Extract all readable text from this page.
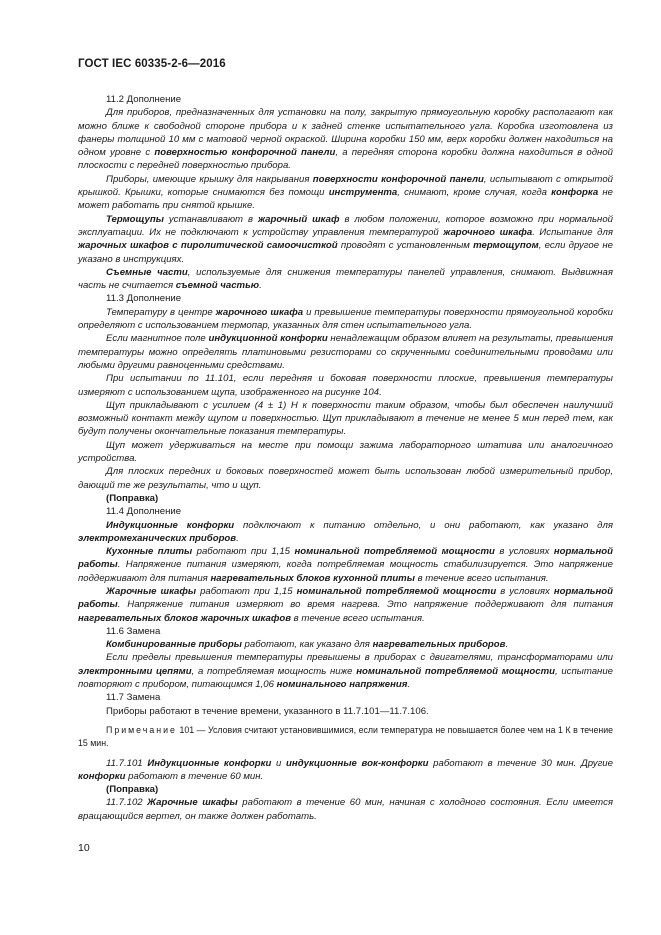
ГОСТ IEC 60335-2-6—2016

11.2 Дополнение

Для приборов, предназначенных для установки на полу, закрытую прямоугольную коробку располагают как можно ближе к свободной стороне прибора и к задней стенке испытательного угла. Коробка изготовлена из фанеры толщиной 10 мм с матовой черной окраской. Ширина коробки 150 мм, верх коробки должен находиться на одном уровне с поверхностью конфорочной панели, а передняя сторона коробки должна находиться в одной плоскости с передней поверхностью прибора.

Приборы, имеющие крышку для накрывания поверхности конфорочной панели, испытывают с открытой крышкой. Крышки, которые снимаются без помощи инструмента, снимают, кроме случая, когда конфорка не может работать при снятой крышке.

Термощупы устанавливают в жарочный шкаф в любом положении, которое возможно при нормальной эксплуатации. Их не подключают к устройству управления температурой жарочного шкафа. Испытание для жарочных шкафов с пиролитической самоочисткой проводят с установленным термощупом, если другое не указано в инструкциях.

Съемные части, используемые для снижения температуры панелей управления, снимают. Выдвижная часть не считается съемной частью.

11.3 Дополнение

Температуру в центре жарочного шкафа и превышение температуры поверхности прямоугольной коробки определяют с использованием термопар, указанных для стен испытательного угла.

Если магнитное поле индукционной конфорки ненадлежащим образом влияет на результаты, превышения температуры можно определять платиновыми резисторами со скрученными соединительными проводами или любыми другими равноценными средствами.

При испытании по 11.101, если передняя и боковая поверхности плоские, превышения температуры измеряют с использованием щупа, изображенного на рисунке 104.

Щуп прикладывают с усилием (4 ± 1) Н к поверхности таким образом, чтобы был обеспечен наилучший возможный контакт между щупом и поверхностью. Щуп прикладывают в течение не менее 5 мин перед тем, как будут получены окончательные показания температуры.

Щуп может удерживаться на месте при помощи зажима лабораторного штатива или аналогичного устройства.

Для плоских передних и боковых поверхностей может быть использован любой измерительный прибор, дающий те же результаты, что и щуп.

(Поправка)

11.4 Дополнение

Индукционные конфорки подключают к питанию отдельно, и они работают, как указано для электромеханических приборов.

Кухонные плиты работают при 1,15 номинальной потребляемой мощности в условиях нормальной работы. Напряжение питания измеряют, когда потребляемая мощность стабилизируется. Это напряжение поддерживают для питания нагревательных блоков кухонной плиты в течение всего испытания.

Жарочные шкафы работают при 1,15 номинальной потребляемой мощности в условиях нормальной работы. Напряжение питания измеряют во время нагрева. Это напряжение поддерживают для питания нагревательных блоков жарочных шкафов в течение всего испытания.

11.6 Замена

Комбинированные приборы работают, как указано для нагревательных приборов.

Если пределы превышения температуры превышены в приборах с двигателями, трансформаторами или электронными цепями, а потребляемая мощность ниже номинальной потребляемой мощности, испытание повторяют с прибором, питающимся 1,06 номинального напряжения.

11.7 Замена

Приборы работают в течение времени, указанного в 11.7.101—11.7.106.

Примечание 101 — Условия считают установившимися, если температура не повышается более чем на 1 К в течение 15 мин.

11.7.101 Индукционные конфорки и индукционные вок-конфорки работают в течение 30 мин. Другие конфорки работают в течение 60 мин.

(Поправка)

11.7.102 Жарочные шкафы работают в течение 60 мин, начиная с холодного состояния. Если имеется вращающийся вертел, он также должен работать.

10
